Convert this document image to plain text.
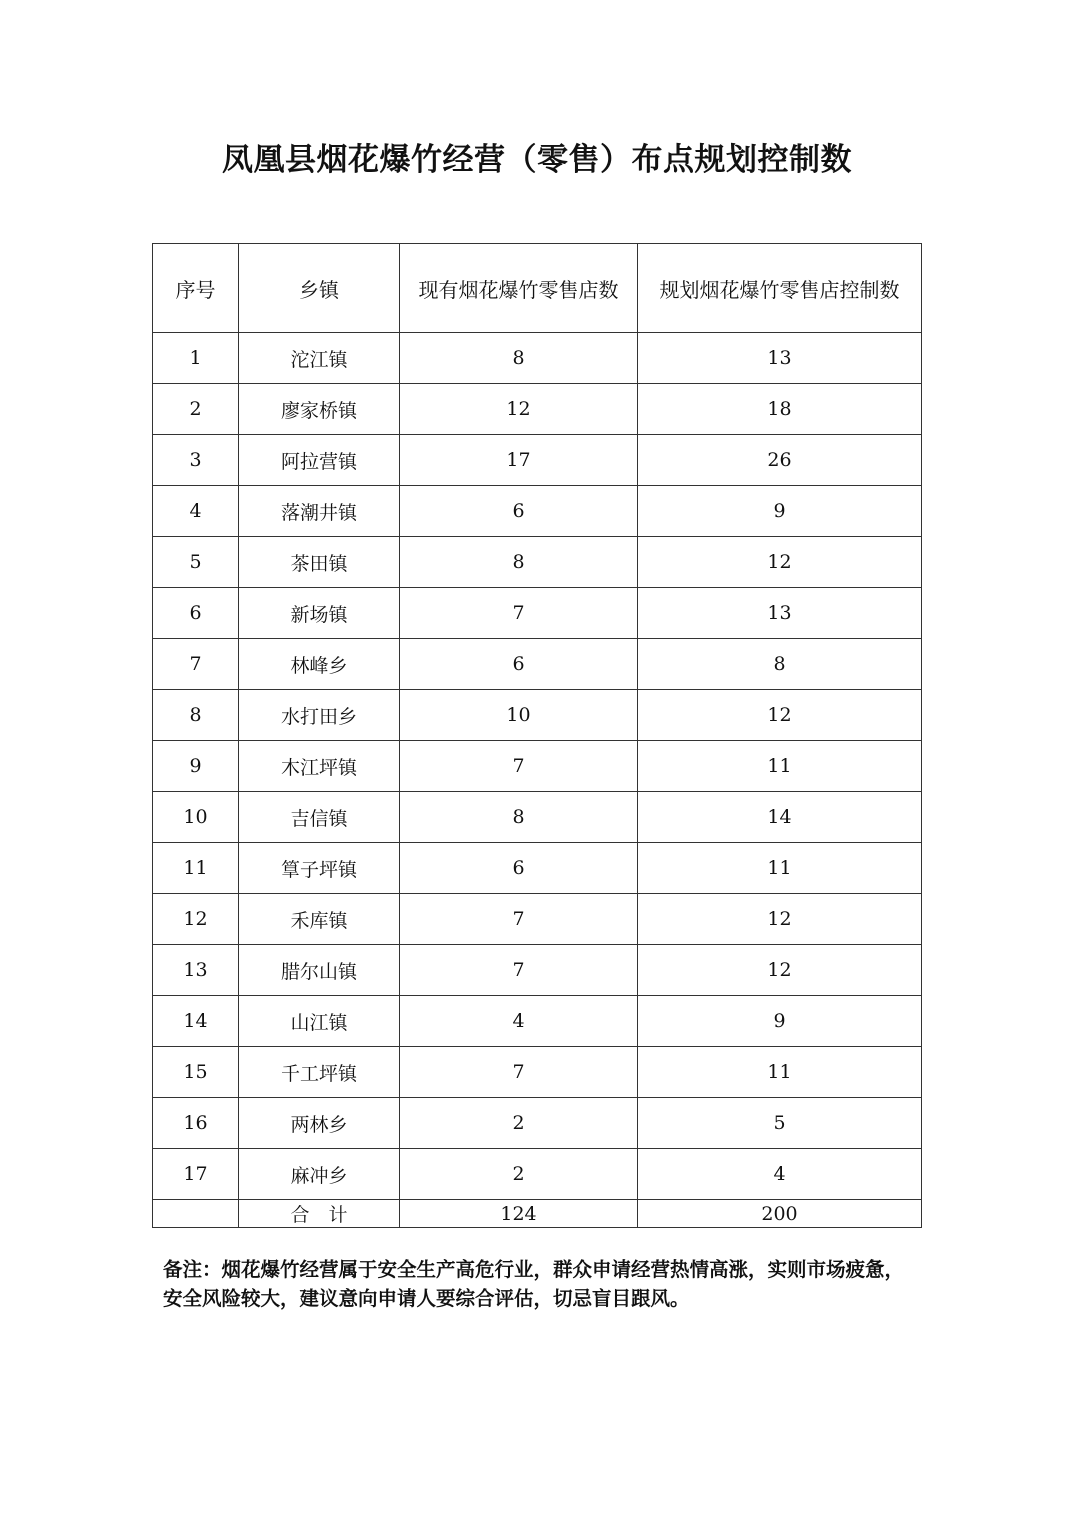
凤凰县烟花爆竹经营（零售）布点规划控制数
序号	乡镇	现有烟花爆竹零售店数	规划烟花爆竹零售店控制数
1	沱江镇	8	13
2	廖家桥镇	12	18
3	阿拉营镇	17	26
4	落潮井镇	6	9
5	茶田镇	8	12
6	新场镇	7	13
7	林峰乡	6	8
8	水打田乡	10	12
9	木江坪镇	7	11
10	吉信镇	8	14
11	筸子坪镇	6	11
12	禾库镇	7	12
13	腊尔山镇	7	12
14	山江镇	4	9
15	千工坪镇	7	11
16	两林乡	2	5
17	麻冲乡	2	4
	合　计	124	200
备注：烟花爆竹经营属于安全生产高危行业，群众申请经营热情高涨，实则市场疲惫，安全风险较大，建议意向申请人要综合评估，切忌盲目跟风。
